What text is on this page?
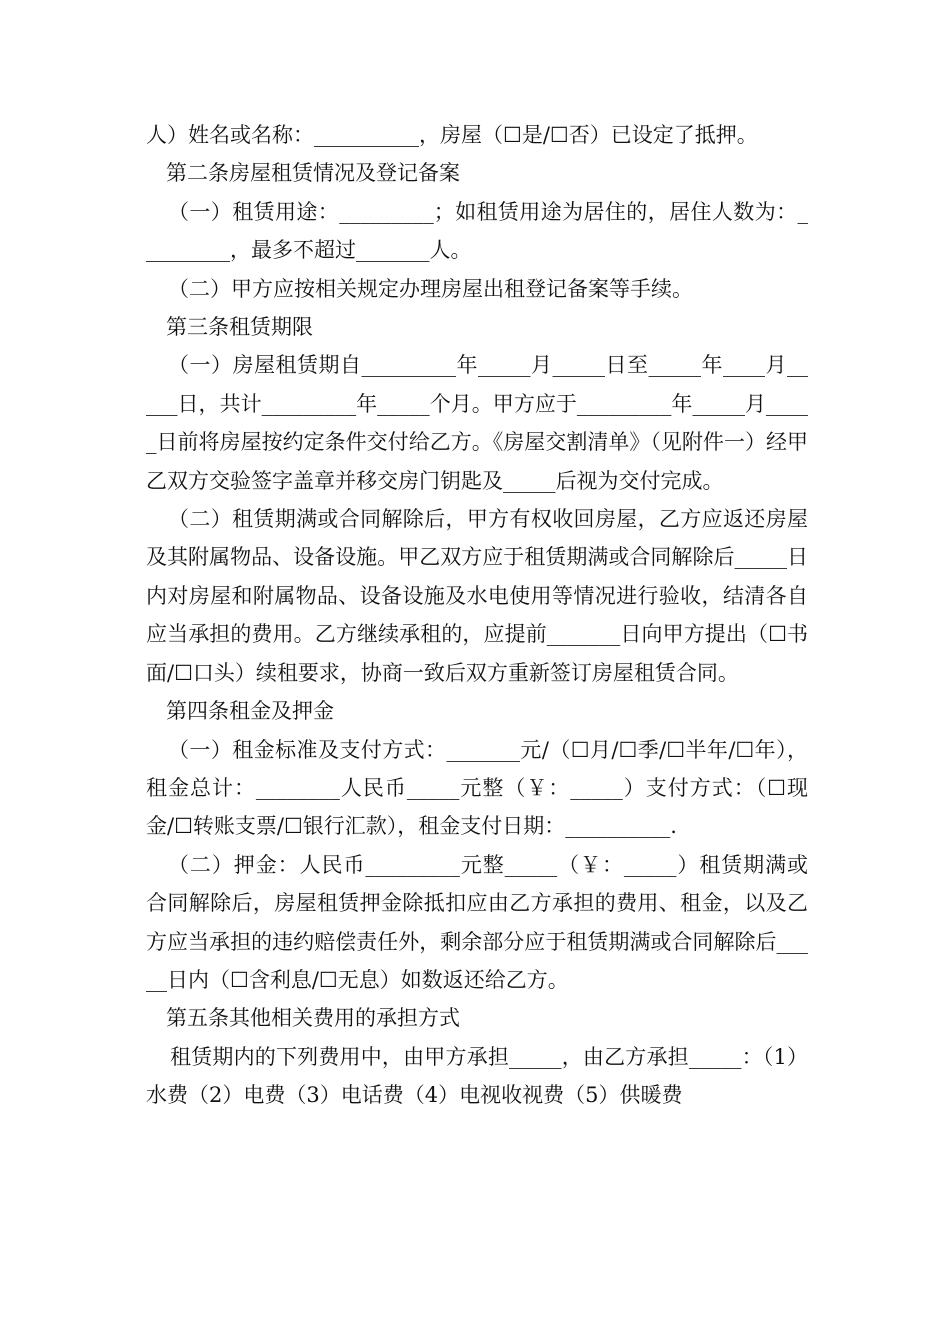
人）姓名或名称：__________，房屋（☐是/☐否）已设定了抵押。

第二条房屋租赁情况及登记备案

（一）租赁用途：_________；如租赁用途为居住的，居住人数为：_________，最多不超过_______人。

（二）甲方应按相关规定办理房屋出租登记备案等手续。

第三条租赁期限

（一）房屋租赁期自_________年_____月_____日至_____年____月_____日，共计_________年_____个月。甲方应于_________年_____月_____日前将房屋按约定条件交付给乙方。《房屋交割清单》（见附件一）经甲乙双方交验签字盖章并移交房门钥匙及_____后视为交付完成。

（二）租赁期满或合同解除后，甲方有权收回房屋，乙方应返还房屋及其附属物品、设备设施。甲乙双方应于租赁期满或合同解除后_____日内对房屋和附属物品、设备设施及水电使用等情况进行验收，结清各自应当承担的费用。乙方继续承租的，应提前_______日向甲方提出（☐书面/☐口头）续租要求，协商一致后双方重新签订房屋租赁合同。

第四条租金及押金

（一）租金标准及支付方式：_______元/（☐月/☐季/☐半年/☐年），租金总计：________人民币_____元整（￥：_____）支付方式：（☐现金/☐转账支票/☐银行汇款），租金支付日期：__________.

（二）押金：人民币_________元整_____（￥：_____）租赁期满或合同解除后，房屋租赁押金除抵扣应由乙方承担的费用、租金，以及乙方应当承担的违约赔偿责任外，剩余部分应于租赁期满或合同解除后_____日内（☐含利息/☐无息）如数返还给乙方。

第五条其他相关费用的承担方式

租赁期内的下列费用中，由甲方承担_____，由乙方承担_____：（1）水费（2）电费（3）电话费（4）电视收视费（5）供暖费
